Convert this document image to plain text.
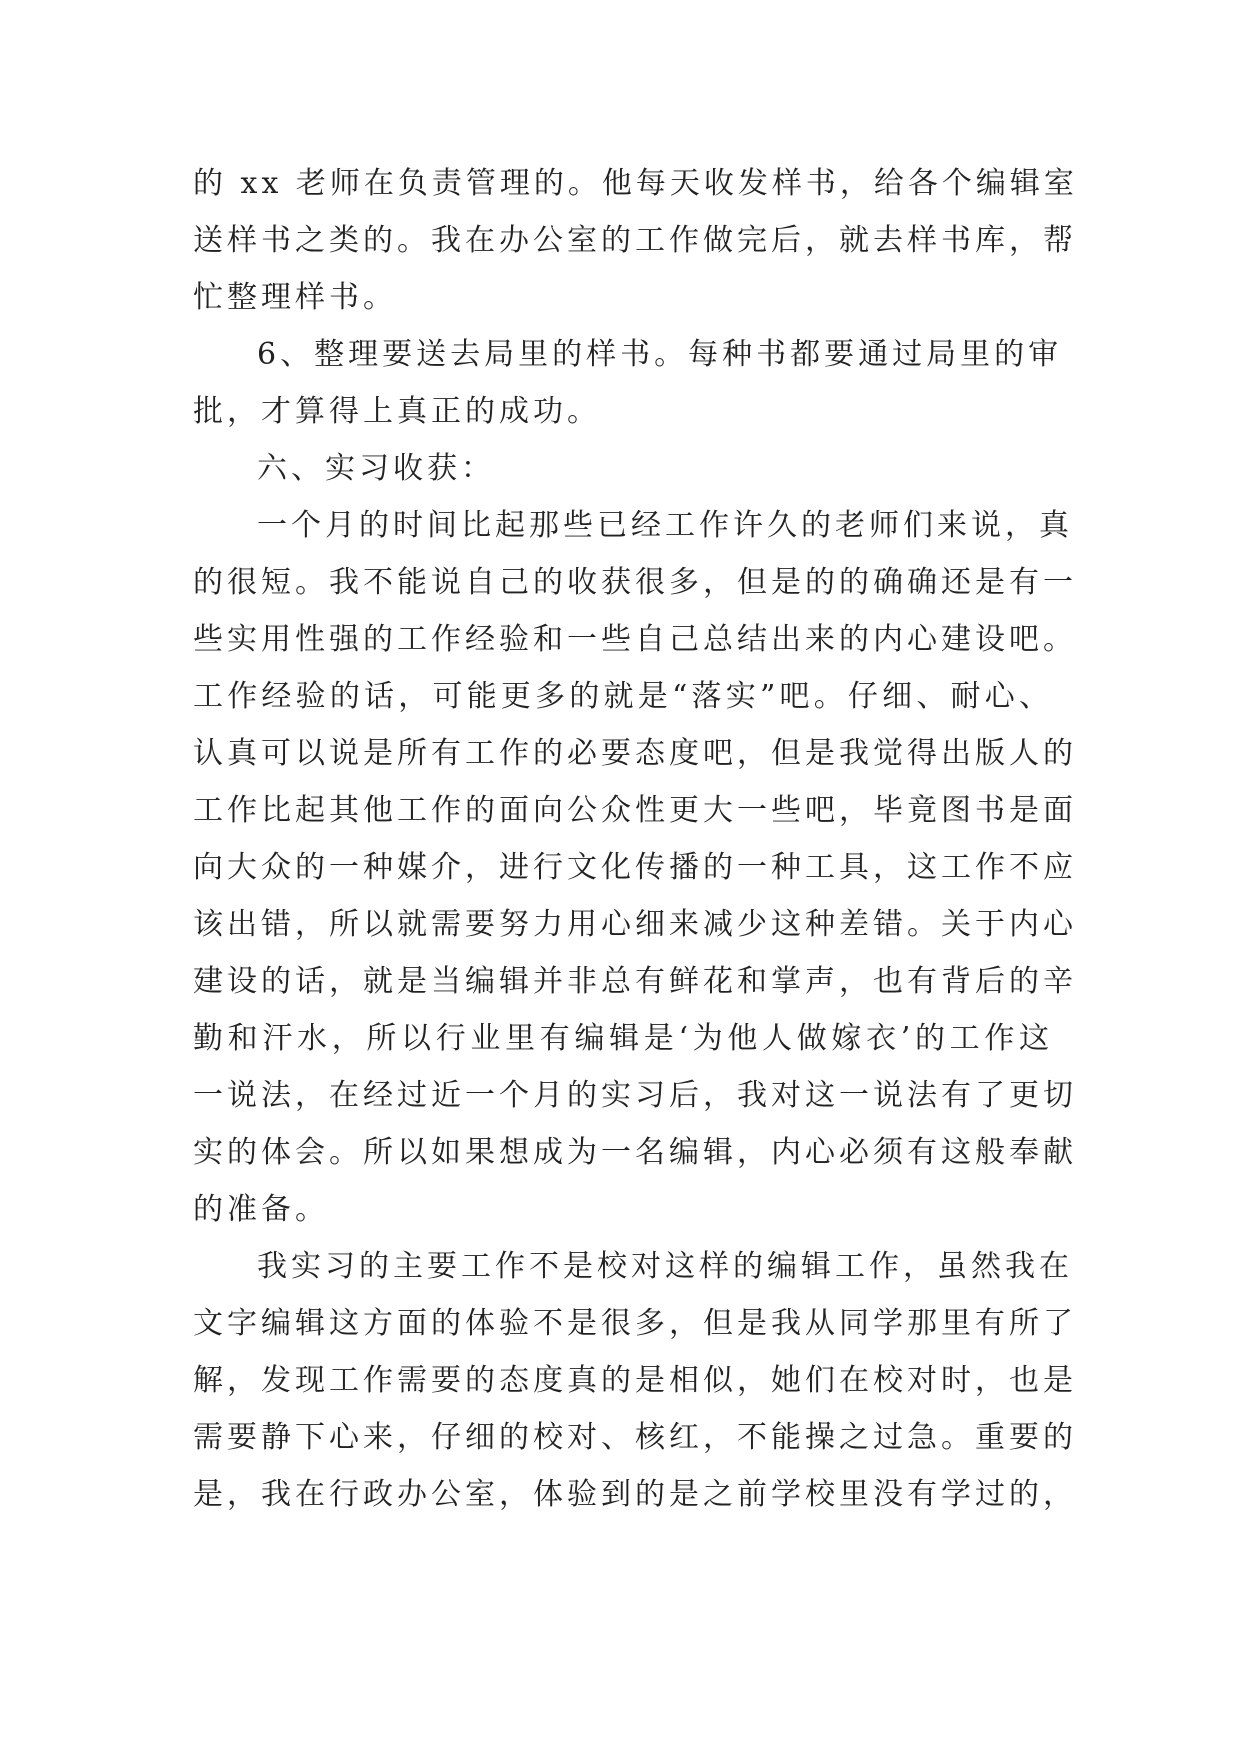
的 xx 老师在负责管理的。他每天收发样书，给各个编辑室
送样书之类的。我在办公室的工作做完后，就去样书库，帮
忙整理样书。
6、整理要送去局里的样书。每种书都要通过局里的审
批，才算得上真正的成功。
六、实习收获：
一个月的时间比起那些已经工作许久的老师们来说，真
的很短。我不能说自己的收获很多，但是的的确确还是有一
些实用性强的工作经验和一些自己总结出来的内心建设吧。
工作经验的话，可能更多的就是“落实”吧。仔细、耐心、
认真可以说是所有工作的必要态度吧，但是我觉得出版人的
工作比起其他工作的面向公众性更大一些吧，毕竟图书是面
向大众的一种媒介，进行文化传播的一种工具，这工作不应
该出错，所以就需要努力用心细来减少这种差错。关于内心
建设的话，就是当编辑并非总有鲜花和掌声，也有背后的辛
勤和汗水，所以行业里有编辑是‘为他人做嫁衣’的工作这
一说法，在经过近一个月的实习后，我对这一说法有了更切
实的体会。所以如果想成为一名编辑，内心必须有这般奉献
的准备。
我实习的主要工作不是校对这样的编辑工作，虽然我在
文字编辑这方面的体验不是很多，但是我从同学那里有所了
解，发现工作需要的态度真的是相似，她们在校对时，也是
需要静下心来，仔细的校对、核红，不能操之过急。重要的
是，我在行政办公室，体验到的是之前学校里没有学过的，
